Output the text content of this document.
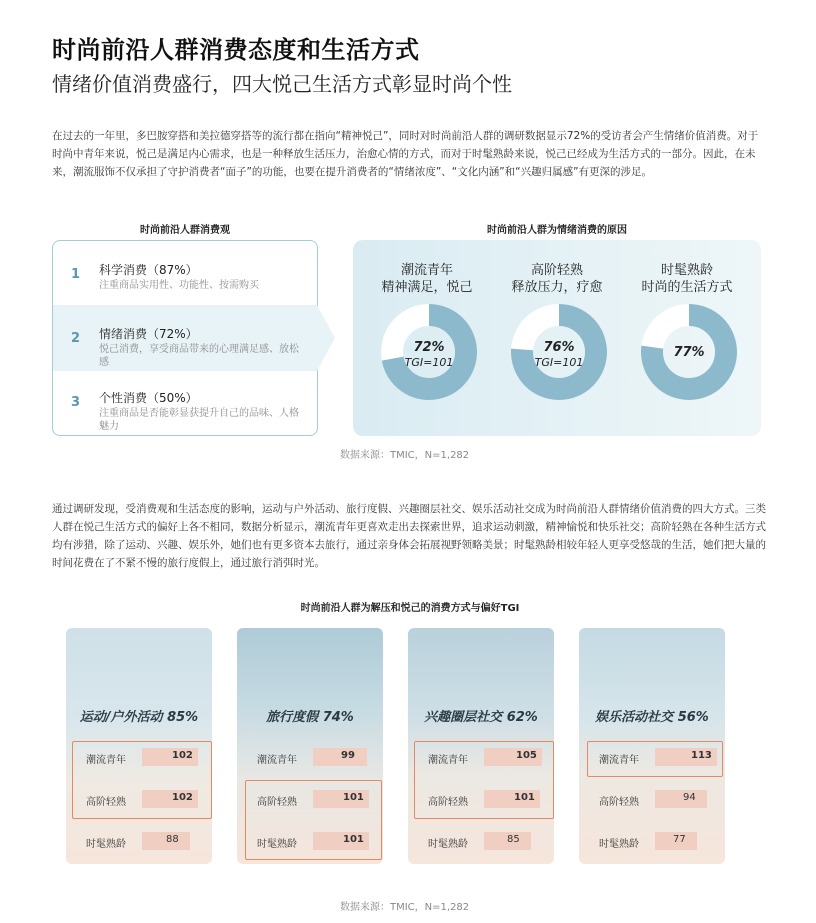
时尚前沿人群消费态度和生活方式
情绪价值消费盛行，四大悦己生活方式彰显时尚个性
在过去的一年里，多巴胺穿搭和美拉德穿搭等的流行都在指向“精神悦己”，同时对时尚前沿人群的调研数据显示72%的受访者会产生情绪价值消费。对于时尚中青年来说，悦己是满足内心需求，也是一种释放生活压力，治愈心情的方式，而对于时髦熟龄来说，悦己已经成为生活方式的一部分。因此，在未来，潮流服饰不仅承担了守护消费者“面子”的功能，也要在提升消费者的“情绪浓度”、“文化内涵”和“兴趣归属感”有更深的涉足。
时尚前沿人群消费观
1 科学消费（87%）
注重商品实用性、功能性、按需购买
2 情绪消费（72%）
悦己消费，享受商品带来的心理满足感、放松感
3 个性消费（50%）
注重商品是否能彰显获提升自己的品味、人格魅力
时尚前沿人群为情绪消费的原因
潮流青年
精神满足，悦己
72%
TGI=101
高阶轻熟
释放压力，疗愈
76%
TGI=101
时髦熟龄
时尚的生活方式
77%
数据来源：TMIC，N=1,282
通过调研发现，受消费观和生活态度的影响，运动与户外活动、旅行度假、兴趣圈层社交、娱乐活动社交成为时尚前沿人群情绪价值消费的四大方式。三类人群在悦己生活方式的偏好上各不相同，数据分析显示，潮流青年更喜欢走出去探索世界，追求运动刺激，精神愉悦和快乐社交；高阶轻熟在各种生活方式均有涉猎，除了运动、兴趣、娱乐外，她们也有更多资本去旅行，通过亲身体会拓展视野领略美景；时髦熟龄相较年轻人更享受悠哉的生活，她们把大量的时间花费在了不紧不慢的旅行度假上，通过旅行消弭时光。
时尚前沿人群为解压和悦己的消费方式与偏好TGI
运动/户外活动 85%
潮流青年	102
高阶轻熟	102
时髦熟龄	88
旅行度假 74%
潮流青年	99
高阶轻熟	101
时髦熟龄	101
兴趣圈层社交 62%
潮流青年	105
高阶轻熟	101
时髦熟龄	85
娱乐活动社交 56%
潮流青年	113
高阶轻熟	94
时髦熟龄	77
数据来源：TMIC，N=1,282
